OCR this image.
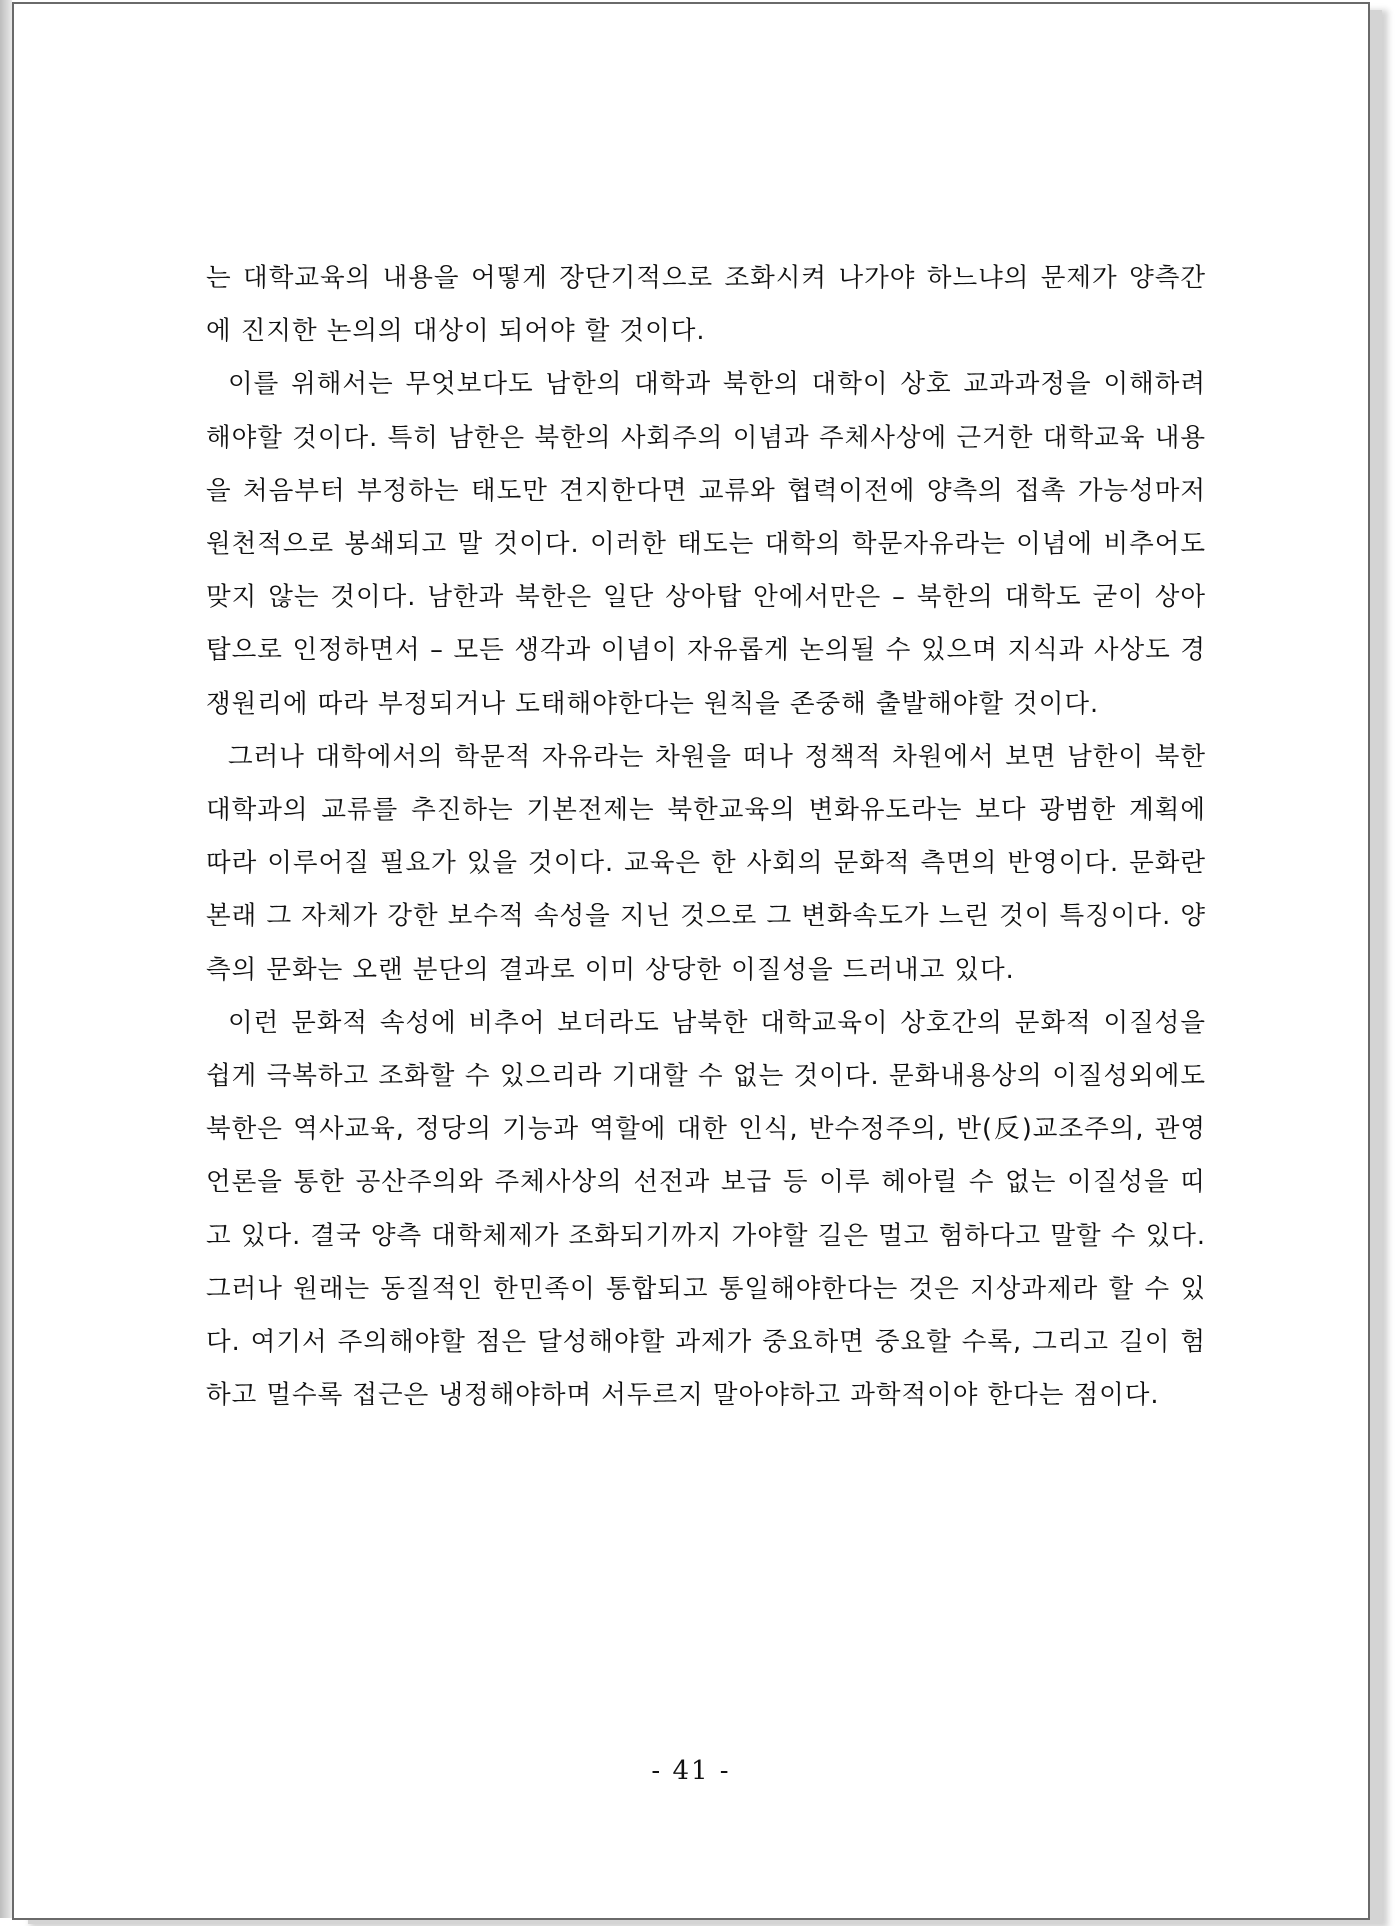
는 대학교육의 내용을 어떻게 장단기적으로 조화시켜 나가야 하느냐의 문제가 양측간에 진지한 논의의 대상이 되어야 할 것이다.

이를 위해서는 무엇보다도 남한의 대학과 북한의 대학이 상호 교과과정을 이해하려 해야할 것이다. 특히 남한은 북한의 사회주의 이념과 주체사상에 근거한 대학교육 내용을 처음부터 부정하는 태도만 견지한다면 교류와 협력이전에 양측의 접촉 가능성마저 원천적으로 봉쇄되고 말 것이다. 이러한 태도는 대학의 학문자유라는 이념에 비추어도 맞지 않는 것이다. 남한과 북한은 일단 상아탑 안에서만은 – 북한의 대학도 굳이 상아탑으로 인정하면서 – 모든 생각과 이념이 자유롭게 논의될 수 있으며 지식과 사상도 경쟁원리에 따라 부정되거나 도태해야한다는 원칙을 존중해 출발해야할 것이다.

그러나 대학에서의 학문적 자유라는 차원을 떠나 정책적 차원에서 보면 남한이 북한대학과의 교류를 추진하는 기본전제는 북한교육의 변화유도라는 보다 광범한 계획에 따라 이루어질 필요가 있을 것이다. 교육은 한 사회의 문화적 측면의 반영이다. 문화란 본래 그 자체가 강한 보수적 속성을 지닌 것으로 그 변화속도가 느린 것이 특징이다. 양측의 문화는 오랜 분단의 결과로 이미 상당한 이질성을 드러내고 있다.

이런 문화적 속성에 비추어 보더라도 남북한 대학교육이 상호간의 문화적 이질성을 쉽게 극복하고 조화할 수 있으리라 기대할 수 없는 것이다. 문화내용상의 이질성외에도 북한은 역사교육, 정당의 기능과 역할에 대한 인식, 반수정주의, 반(反)교조주의, 관영언론을 통한 공산주의와 주체사상의 선전과 보급 등 이루 헤아릴 수 없는 이질성을 띠고 있다. 결국 양측 대학체제가 조화되기까지 가야할 길은 멀고 험하다고 말할 수 있다. 그러나 원래는 동질적인 한민족이 통합되고 통일해야한다는 것은 지상과제라 할 수 있다. 여기서 주의해야할 점은 달성해야할 과제가 중요하면 중요할 수록, 그리고 길이 험하고 멀수록 접근은 냉정해야하며 서두르지 말아야하고 과학적이야 한다는 점이다.

- 41 -
